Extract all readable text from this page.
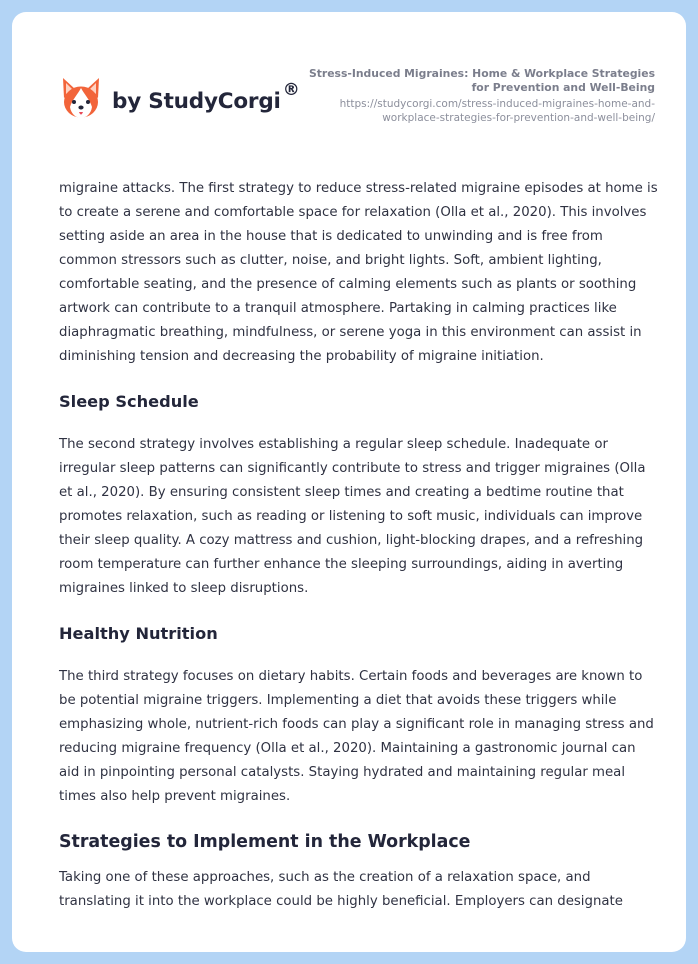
by StudyCorgi ®

Stress-Induced Migraines: Home & Workplace Strategies for Prevention and Well-Being

https://studycorgi.com/stress-induced-migraines-home-and-workplace-strategies-for-prevention-and-well-being/

migraine attacks. The first strategy to reduce stress-related migraine episodes at home is to create a serene and comfortable space for relaxation (Olla et al., 2020). This involves setting aside an area in the house that is dedicated to unwinding and is free from common stressors such as clutter, noise, and bright lights. Soft, ambient lighting, comfortable seating, and the presence of calming elements such as plants or soothing artwork can contribute to a tranquil atmosphere. Partaking in calming practices like diaphragmatic breathing, mindfulness, or serene yoga in this environment can assist in diminishing tension and decreasing the probability of migraine initiation.

Sleep Schedule

The second strategy involves establishing a regular sleep schedule. Inadequate or irregular sleep patterns can significantly contribute to stress and trigger migraines (Olla et al., 2020). By ensuring consistent sleep times and creating a bedtime routine that promotes relaxation, such as reading or listening to soft music, individuals can improve their sleep quality. A cozy mattress and cushion, light-blocking drapes, and a refreshing room temperature can further enhance the sleeping surroundings, aiding in averting migraines linked to sleep disruptions.

Healthy Nutrition

The third strategy focuses on dietary habits. Certain foods and beverages are known to be potential migraine triggers. Implementing a diet that avoids these triggers while emphasizing whole, nutrient-rich foods can play a significant role in managing stress and reducing migraine frequency (Olla et al., 2020). Maintaining a gastronomic journal can aid in pinpointing personal catalysts. Staying hydrated and maintaining regular meal times also help prevent migraines.

Strategies to Implement in the Workplace

Taking one of these approaches, such as the creation of a relaxation space, and translating it into the workplace could be highly beneficial. Employers can designate
